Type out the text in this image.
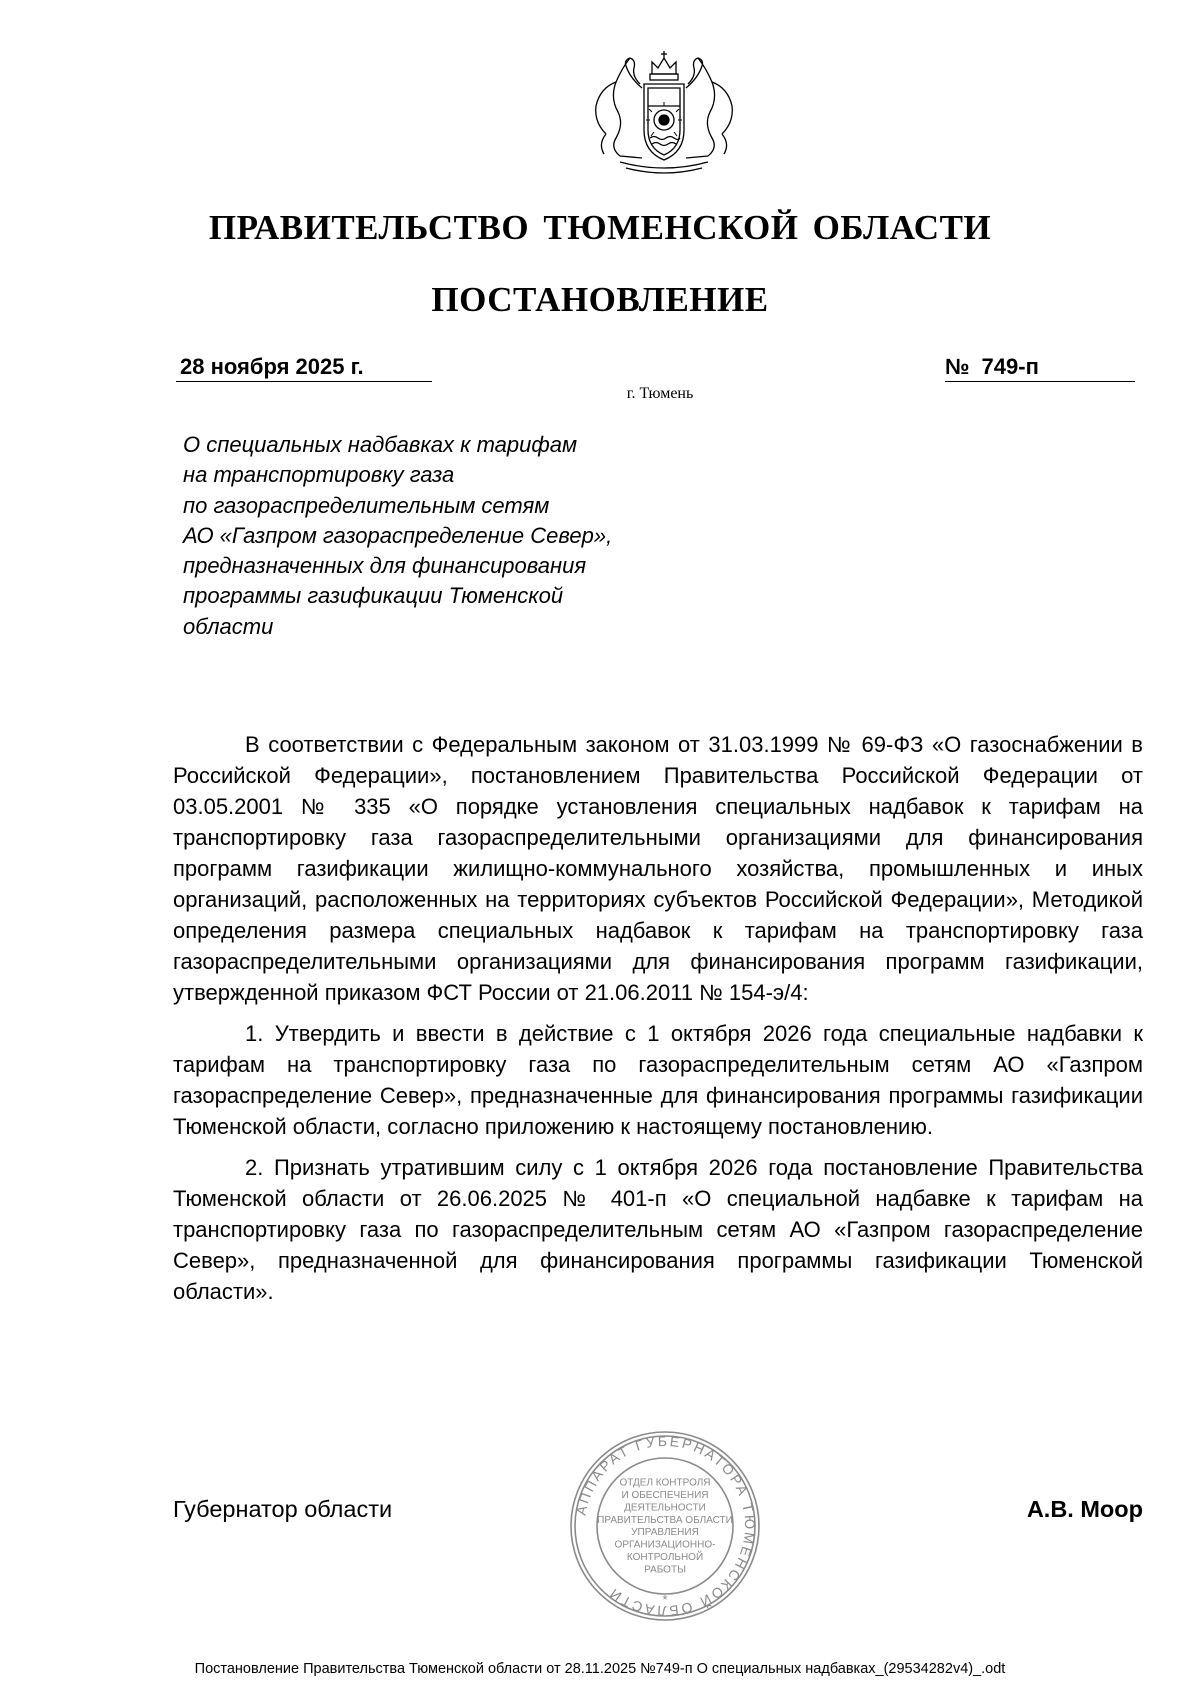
ПРАВИТЕЛЬСТВО ТЮМЕНСКОЙ ОБЛАСТИ
ПОСТАНОВЛЕНИЕ
28 ноября 2025 г.	№ 749-п
г. Тюмень
О специальных надбавках к тарифам
на транспортировку газа
по газораспределительным сетям
АО «Газпром газораспределение Север»,
предназначенных для финансирования
программы газификации Тюменской
области

В соответствии с Федеральным законом от 31.03.1999 № 69-ФЗ «О газоснабжении в Российской Федерации», постановлением Правительства Российской Федерации от 03.05.2001 № 335 «О порядке установления специальных надбавок к тарифам на транспортировку газа газораспределительными организациями для финансирования программ газификации жилищно-коммунального хозяйства, промышленных и иных организаций, расположенных на территориях субъектов Российской Федерации», Методикой определения размера специальных надбавок к тарифам на транспортировку газа газораспределительными организациями для финансирования программ газификации, утвержденной приказом ФСТ России от 21.06.2011 № 154-э/4:

1. Утвердить и ввести в действие с 1 октября 2026 года специальные надбавки к тарифам на транспортировку газа по газораспределительным сетям АО «Газпром газораспределение Север», предназначенные для финансирования программы газификации Тюменской области, согласно приложению к настоящему постановлению.

2. Признать утратившим силу с 1 октября 2026 года постановление Правительства Тюменской области от 26.06.2025 № 401-п «О специальной надбавке к тарифам на транспортировку газа по газораспределительным сетям АО «Газпром газораспределение Север», предназначенной для финансирования программы газификации Тюменской области».

АППАРАТ ГУБЕРНАТОРА ТЮМЕНСКОЙ ОБЛАСТИ	*
ОТДЕЛ КОНТРОЛЯ
И ОБЕСПЕЧЕНИЯ
ДЕЯТЕЛЬНОСТИ
ПРАВИТЕЛЬСТВА ОБЛАСТИ
УПРАВЛЕНИЯ
ОРГАНИЗАЦИОННО-
КОНТРОЛЬНОЙ
РАБОТЫ
Губернатор области	А.В. Моор
Постановление Правительства Тюменской области от 28.11.2025 №749-п О специальных надбавках_(29534282v4)_.odt
